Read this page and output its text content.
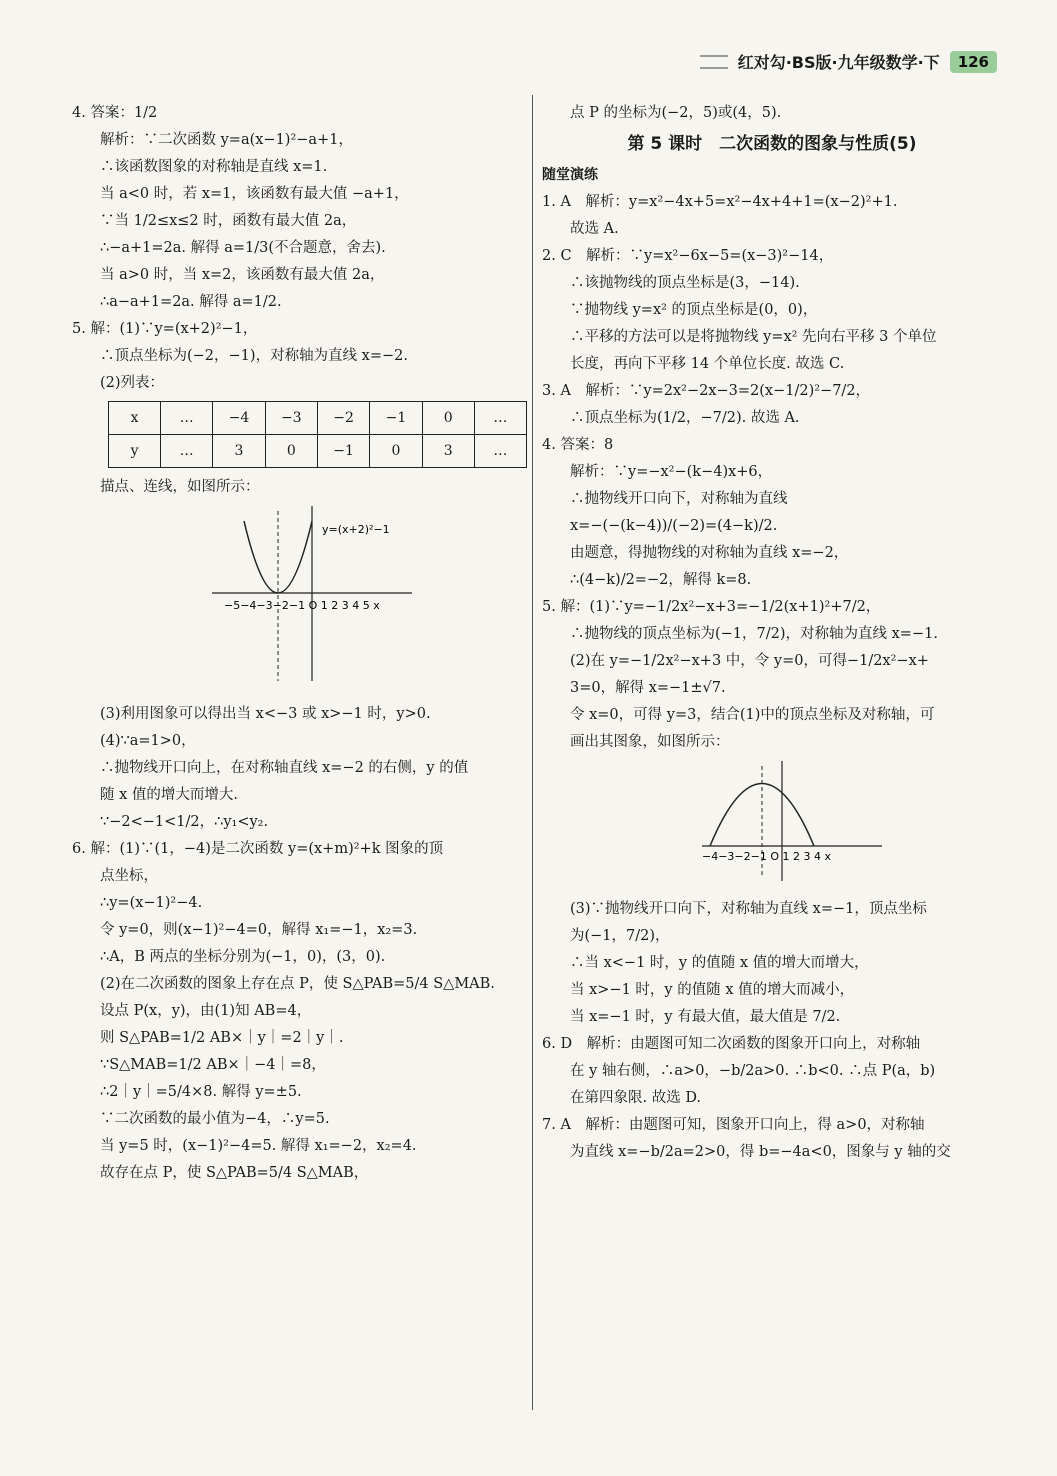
红对勾·BS版·九年级数学·下	126
4. 答案：1/2
解析：∵二次函数 y=a(x−1)²−a+1，
∴该函数图象的对称轴是直线 x=1.
当 a<0 时，若 x=1，该函数有最大值 −a+1，
∵当 1/2≤x≤2 时，函数有最大值 2a，
∴−a+1=2a. 解得 a=1/3(不合题意，舍去).
当 a>0 时，当 x=2，该函数有最大值 2a，
∴a−a+1=2a. 解得 a=1/2.
5. 解：(1)∵y=(x+2)²−1，
∴顶点坐标为(−2，−1)，对称轴为直线 x=−2.
(2)列表：
x	…	−4	−3	−2	−1	0	…
y	…	3	0	−1	0	3	…
描点、连线，如图所示：
−5−4−3−2−1 O 1 2 3 4 5 x
y=(x+2)²−1
(3)利用图象可以得出当 x<−3 或 x>−1 时，y>0.
(4)∵a=1>0，
∴抛物线开口向上，在对称轴直线 x=−2 的右侧，y 的值
随 x 值的增大而增大.
∵−2<−1<1/2，∴y₁<y₂.
6. 解：(1)∵(1，−4)是二次函数 y=(x+m)²+k 图象的顶
点坐标，
∴y=(x−1)²−4.
令 y=0，则(x−1)²−4=0，解得 x₁=−1，x₂=3.
∴A，B 两点的坐标分别为(−1，0)，(3，0).
(2)在二次函数的图象上存在点 P，使 S△PAB=5/4 S△MAB.
设点 P(x，y)，由(1)知 AB=4，
则 S△PAB=1/2 AB×｜y｜=2｜y｜.
∵S△MAB=1/2 AB×｜−4｜=8，
∴2｜y｜=5/4×8. 解得 y=±5.
∵二次函数的最小值为−4，∴y=5.
当 y=5 时，(x−1)²−4=5. 解得 x₁=−2，x₂=4.
故存在点 P，使 S△PAB=5/4 S△MAB，
点 P 的坐标为(−2，5)或(4，5).
第 5 课时　二次函数的图象与性质(5)
随堂演练
1. A　解析：y=x²−4x+5=x²−4x+4+1=(x−2)²+1.
故选 A.
2. C　解析：∵y=x²−6x−5=(x−3)²−14，
∴该抛物线的顶点坐标是(3，−14).
∵抛物线 y=x² 的顶点坐标是(0，0)，
∴平移的方法可以是将抛物线 y=x² 先向右平移 3 个单位
长度，再向下平移 14 个单位长度. 故选 C.
3. A　解析：∵y=2x²−2x−3=2(x−1/2)²−7/2，
∴顶点坐标为(1/2，−7/2). 故选 A.
4. 答案：8
解析：∵y=−x²−(k−4)x+6，
∴抛物线开口向下，对称轴为直线
x=−(−(k−4))/(−2)=(4−k)/2.
由题意，得抛物线的对称轴为直线 x=−2，
∴(4−k)/2=−2，解得 k=8.
5. 解：(1)∵y=−1/2x²−x+3=−1/2(x+1)²+7/2，
∴抛物线的顶点坐标为(−1，7/2)，对称轴为直线 x=−1.
(2)在 y=−1/2x²−x+3 中，令 y=0，可得−1/2x²−x+
3=0，解得 x=−1±√7.
令 x=0，可得 y=3，结合(1)中的顶点坐标及对称轴，可
画出其图象，如图所示：
−4−3−2−1 O 1 2 3 4 x
(3)∵抛物线开口向下，对称轴为直线 x=−1，顶点坐标
为(−1，7/2)，
∴当 x<−1 时，y 的值随 x 值的增大而增大，
当 x>−1 时，y 的值随 x 值的增大而减小，
当 x=−1 时，y 有最大值，最大值是 7/2.
6. D　解析：由题图可知二次函数的图象开口向上，对称轴
在 y 轴右侧，∴a>0，−b/2a>0. ∴b<0. ∴点 P(a，b)
在第四象限. 故选 D.
7. A　解析：由题图可知，图象开口向上，得 a>0，对称轴
为直线 x=−b/2a=2>0，得 b=−4a<0，图象与 y 轴的交
